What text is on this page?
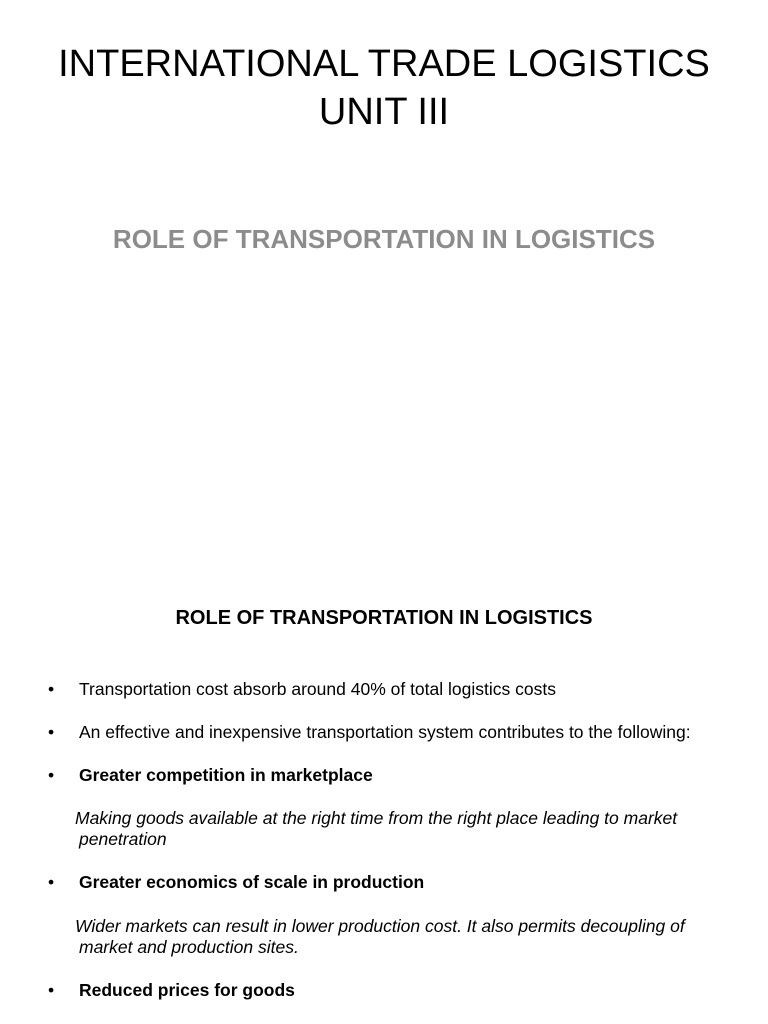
INTERNATIONAL TRADE LOGISTICS
UNIT III
ROLE OF TRANSPORTATION IN LOGISTICS
ROLE OF TRANSPORTATION IN LOGISTICS

• Transportation cost absorb around 40% of total logistics costs

• An effective and inexpensive transportation system contributes to the following:

• Greater competition in marketplace

Making goods available at the right time from the right place leading to market penetration

• Greater economics of scale in production

Wider markets can result in lower production cost. It also permits decoupling of market and production sites.

• Reduced prices for goods
